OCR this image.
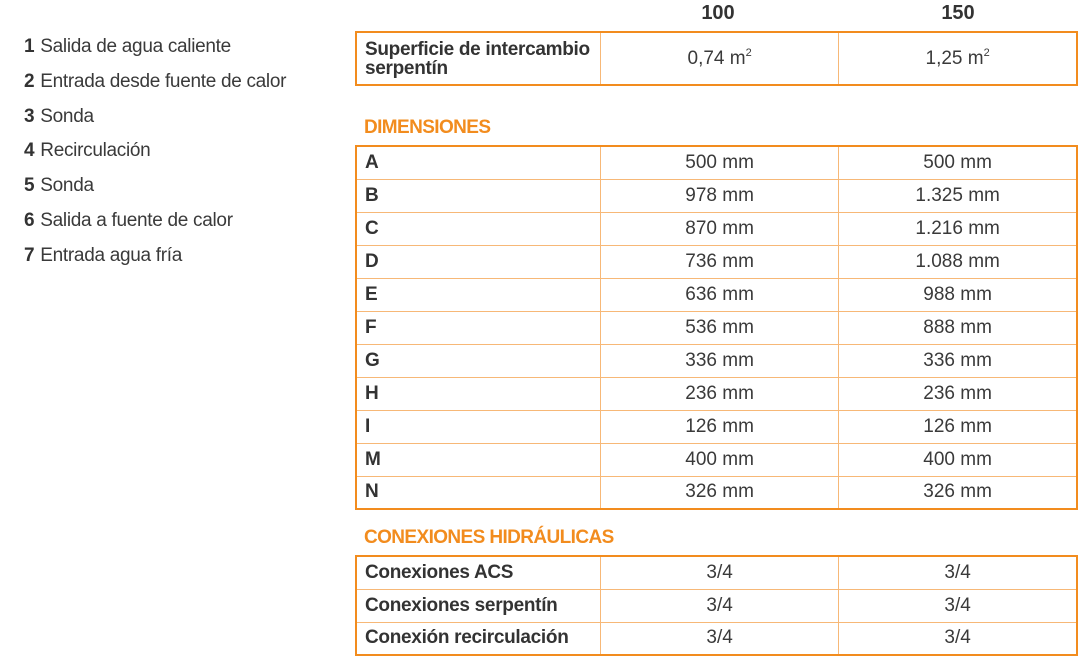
1 Salida de agua caliente
2 Entrada desde fuente de calor
3 Sonda
4 Recirculación
5 Sonda
6 Salida a fuente de calor
7 Entrada agua fría
100	150
Superficie de intercambio serpentín	0,74 $m^2$	1,25 $m^2$
DIMENSIONES
A	500 mm	500 mm
B	978 mm	1.325 mm
C	870 mm	1.216 mm
D	736 mm	1.088 mm
E	636 mm	988 mm
F	536 mm	888 mm
G	336 mm	336 mm
H	236 mm	236 mm
I	126 mm	126 mm
M	400 mm	400 mm
N	326 mm	326 mm
CONEXIONES HIDRÁULICAS
Conexiones ACS	3/4	3/4
Conexiones serpentín	3/4	3/4
Conexión recirculación	3/4	3/4
